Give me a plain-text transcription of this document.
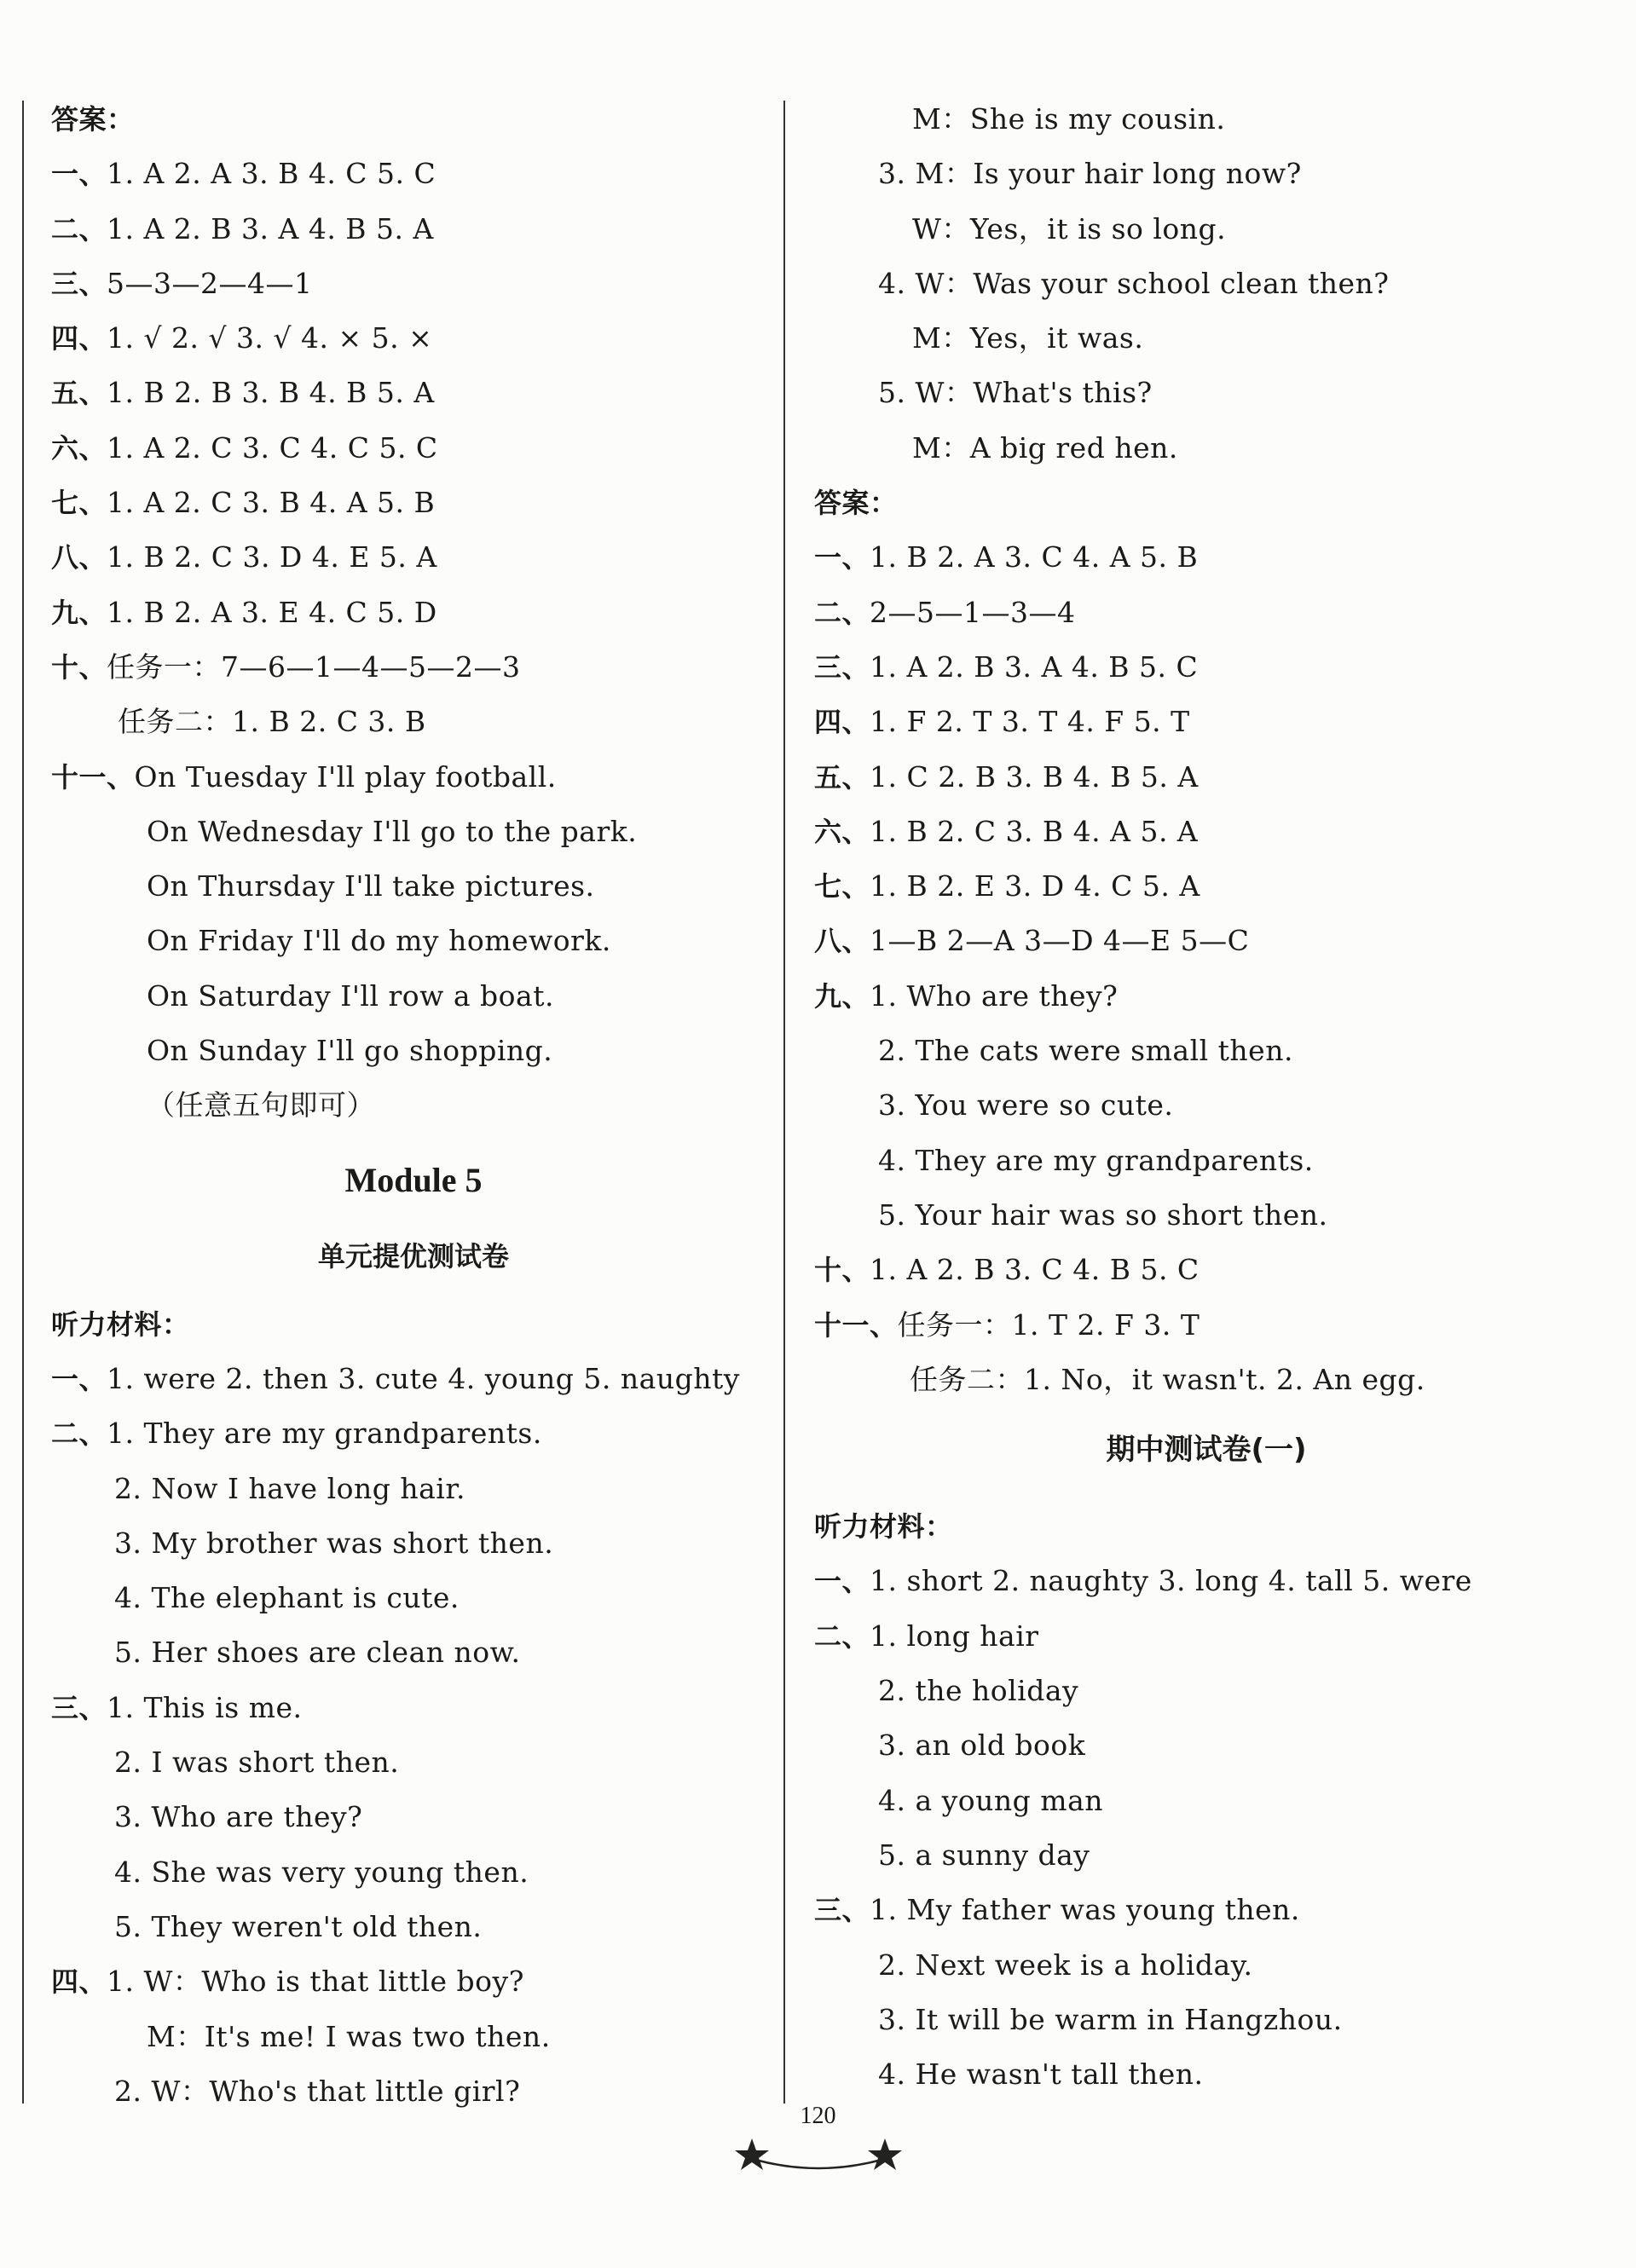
答案：
一、1. A 2. A 3. B 4. C 5. C
二、1. A 2. B 3. A 4. B 5. A
三、5—3—2—4—1
四、1. √ 2. √ 3. √ 4. × 5. ×
五、1. B 2. B 3. B 4. B 5. A
六、1. A 2. C 3. C 4. C 5. C
七、1. A 2. C 3. B 4. A 5. B
八、1. B 2. C 3. D 4. E 5. A
九、1. B 2. A 3. E 4. C 5. D
十、任务一：7—6—1—4—5—2—3
任务二：1. B 2. C 3. B
十一、On Tuesday I'll play football.
On Wednesday I'll go to the park.
On Thursday I'll take pictures.
On Friday I'll do my homework.
On Saturday I'll row a boat.
On Sunday I'll go shopping.
（任意五句即可）
Module 5
单元提优测试卷
听力材料：
一、1. were 2. then 3. cute 4. young 5. naughty
二、1. They are my grandparents.
2. Now I have long hair.
3. My brother was short then.
4. The elephant is cute.
5. Her shoes are clean now.
三、1. This is me.
2. I was short then.
3. Who are they?
4. She was very young then.
5. They weren't old then.
四、1. W：Who is that little boy?
M：It's me! I was two then.
2. W：Who's that little girl?
M：She is my cousin.
3. M：Is your hair long now?
W：Yes，it is so long.
4. W：Was your school clean then?
M：Yes，it was.
5. W：What's this?
M：A big red hen.
答案：
一、1. B 2. A 3. C 4. A 5. B
二、2—5—1—3—4
三、1. A 2. B 3. A 4. B 5. C
四、1. F 2. T 3. T 4. F 5. T
五、1. C 2. B 3. B 4. B 5. A
六、1. B 2. C 3. B 4. A 5. A
七、1. B 2. E 3. D 4. C 5. A
八、1—B 2—A 3—D 4—E 5—C
九、1. Who are they?
2. The cats were small then.
3. You were so cute.
4. They are my grandparents.
5. Your hair was so short then.
十、1. A 2. B 3. C 4. B 5. C
十一、任务一：1. T 2. F 3. T
任务二：1. No，it wasn't. 2. An egg.
期中测试卷(一)
听力材料：
一、1. short 2. naughty 3. long 4. tall 5. were
二、1. long hair
2. the holiday
3. an old book
4. a young man
5. a sunny day
三、1. My father was young then.
2. Next week is a holiday.
3. It will be warm in Hangzhou.
4. He wasn't tall then.
120
